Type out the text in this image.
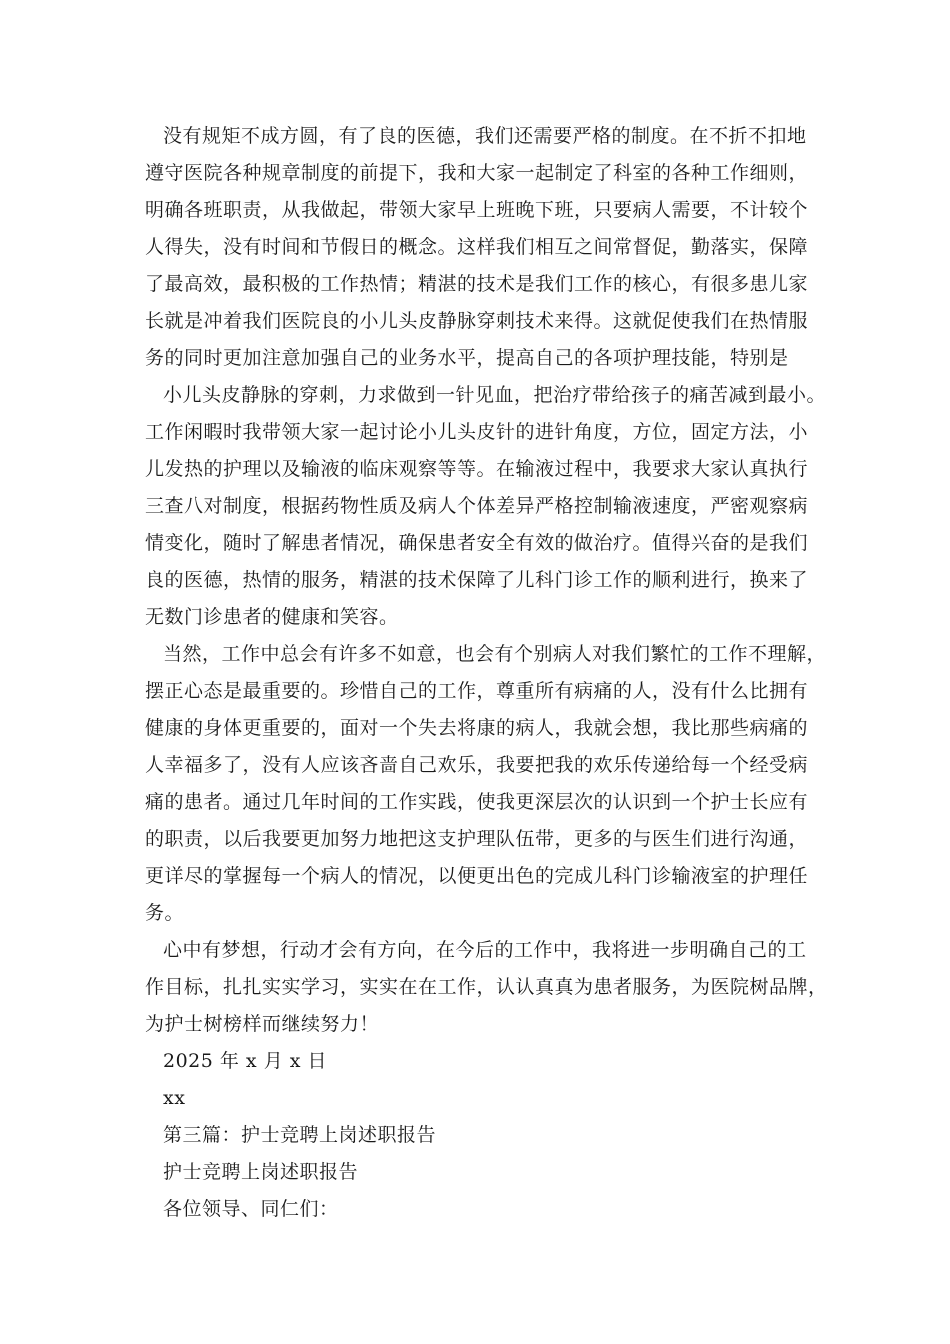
没有规矩不成方圆，有了良的医德，我们还需要严格的制度。在不折不扣地
遵守医院各种规章制度的前提下，我和大家一起制定了科室的各种工作细则，
明确各班职责，从我做起，带领大家早上班晚下班，只要病人需要，不计较个
人得失，没有时间和节假日的概念。这样我们相互之间常督促，勤落实，保障
了最高效，最积极的工作热情；精湛的技术是我们工作的核心，有很多患儿家
长就是冲着我们医院良的小儿头皮静脉穿刺技术来得。这就促使我们在热情服
务的同时更加注意加强自己的业务水平，提高自己的各项护理技能，特别是
小儿头皮静脉的穿刺，力求做到一针见血，把治疗带给孩子的痛苦减到最小。
工作闲暇时我带领大家一起讨论小儿头皮针的进针角度，方位，固定方法，小
儿发热的护理以及输液的临床观察等等。在输液过程中，我要求大家认真执行
三查八对制度，根据药物性质及病人个体差异严格控制输液速度，严密观察病
情变化，随时了解患者情况，确保患者安全有效的做治疗。值得兴奋的是我们
良的医德，热情的服务，精湛的技术保障了儿科门诊工作的顺利进行，换来了
无数门诊患者的健康和笑容。
当然，工作中总会有许多不如意，也会有个别病人对我们繁忙的工作不理解，
摆正心态是最重要的。珍惜自己的工作，尊重所有病痛的人，没有什么比拥有
健康的身体更重要的，面对一个失去将康的病人，我就会想，我比那些病痛的
人幸福多了，没有人应该吝啬自己欢乐，我要把我的欢乐传递给每一个经受病
痛的患者。通过几年时间的工作实践，使我更深层次的认识到一个护士长应有
的职责，以后我要更加努力地把这支护理队伍带，更多的与医生们进行沟通，
更详尽的掌握每一个病人的情况，以便更出色的完成儿科门诊输液室的护理任
务。
心中有梦想，行动才会有方向，在今后的工作中，我将进一步明确自己的工
作目标，扎扎实实学习，实实在在工作，认认真真为患者服务，为医院树品牌，
为护士树榜样而继续努力！
2025 年 x 月 x 日
xx
第三篇：护士竞聘上岗述职报告
护士竞聘上岗述职报告
各位领导、同仁们：
